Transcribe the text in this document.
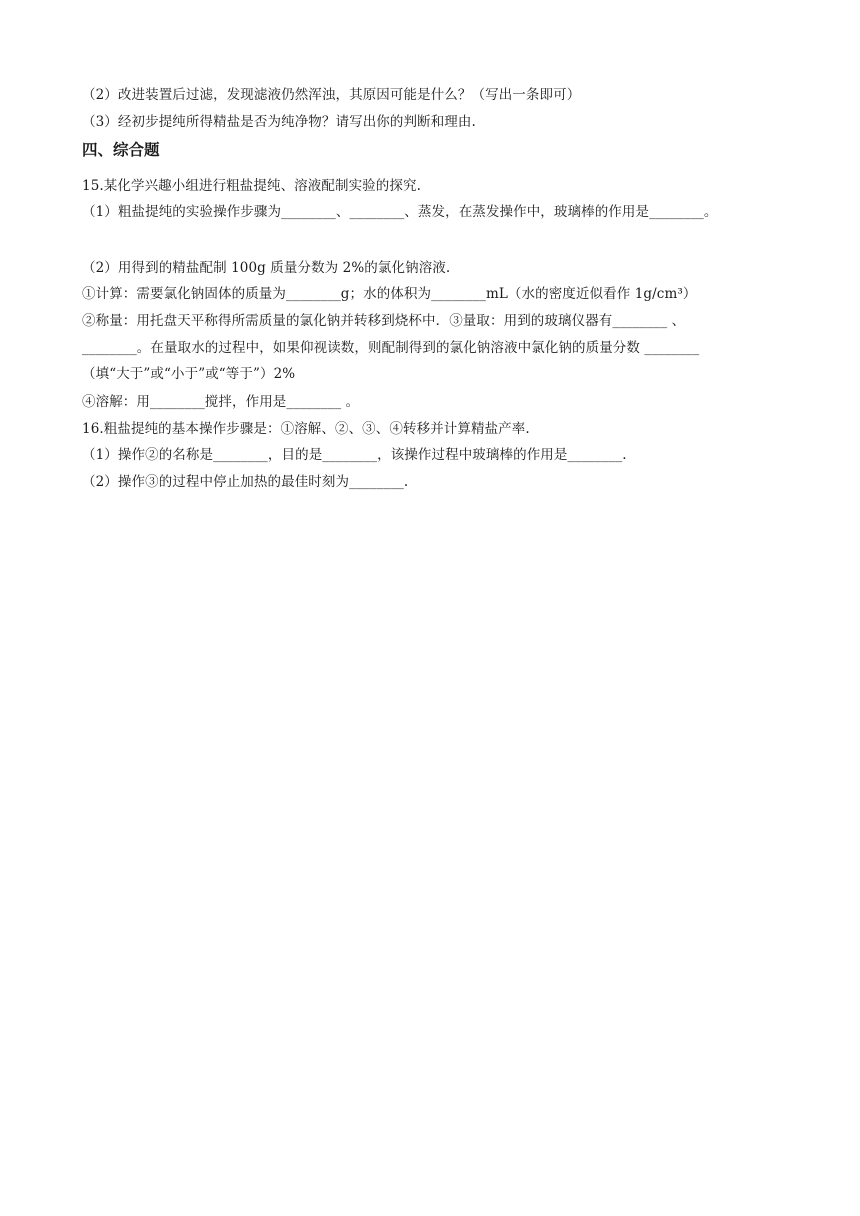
（2）改进装置后过滤，发现滤液仍然浑浊，其原因可能是什么？（写出一条即可）
（3）经初步提纯所得精盐是否为纯净物？请写出你的判断和理由.
四、综合题
15.某化学兴趣小组进行粗盐提纯、溶液配制实验的探究.
（1）粗盐提纯的实验操作步骤为________、________、蒸发，在蒸发操作中，玻璃棒的作用是________。
（2）用得到的精盐配制 100g 质量分数为 2%的氯化钠溶液.
①计算：需要氯化钠固体的质量为________g；水的体积为________mL（水的密度近似看作 1g/cm³）
②称量：用托盘天平称得所需质量的氯化钠并转移到烧杯中．③量取：用到的玻璃仪器有________ 、
________。在量取水的过程中，如果仰视读数，则配制得到的氯化钠溶液中氯化钠的质量分数 ________
（填“大于”或“小于”或“等于”）2%
④溶解：用________搅拌，作用是________ 。
16.粗盐提纯的基本操作步骤是：①溶解、②、③、④转移并计算精盐产率.
（1）操作②的名称是________，目的是________，该操作过程中玻璃棒的作用是________.
（2）操作③的过程中停止加热的最佳时刻为________.
